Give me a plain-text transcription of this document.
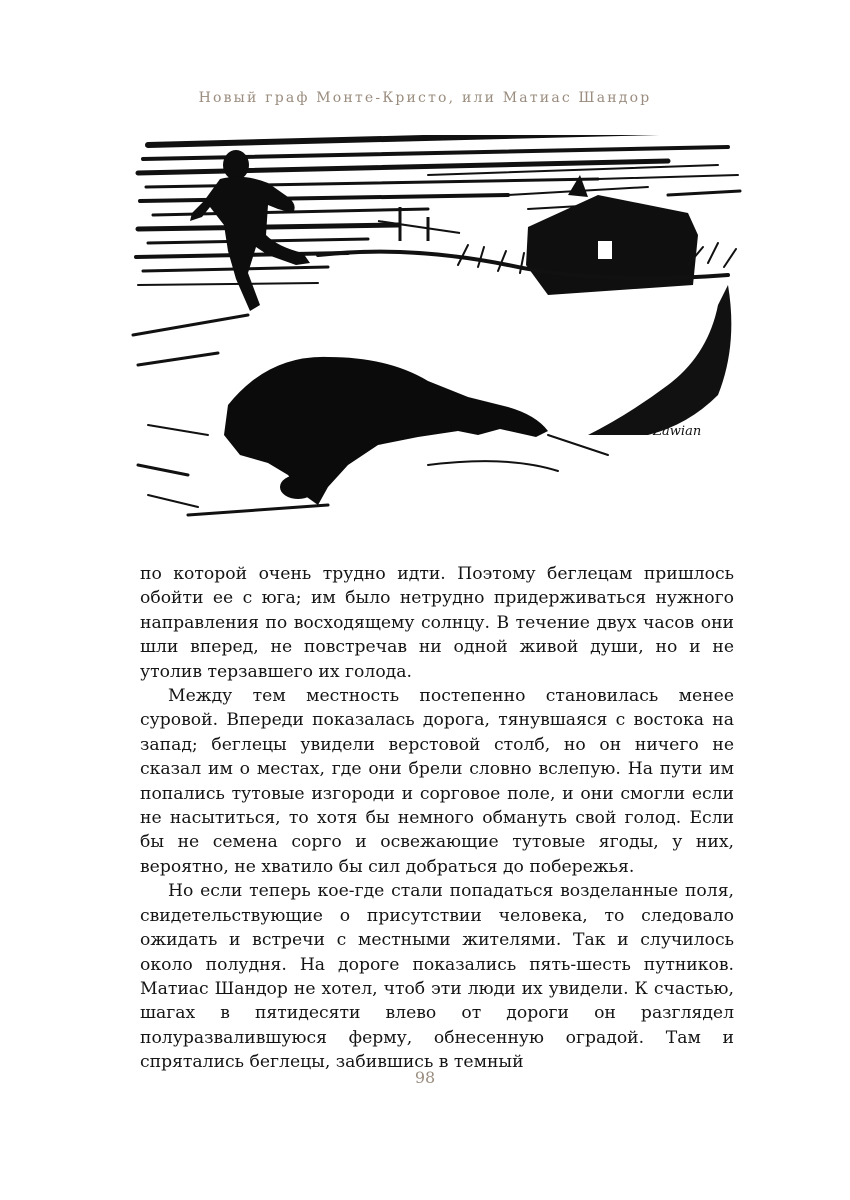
Новый граф Монте-Кристо, или Матиас Шандор
Zawian

по которой очень трудно идти. Поэтому беглецам пришлось обойти ее с юга; им было нетрудно придерживаться нужного направления по восходящему солнцу. В течение двух часов они шли вперед, не повстречав ни одной живой души, но и не утолив терзавшего их голода.

Между тем местность постепенно становилась менее суровой. Впереди показалась дорога, тянувшаяся с востока на запад; беглецы увидели верстовой столб, но он ничего не сказал им о местах, где они брели словно вслепую. На пути им попались тутовые изгороди и сорговое поле, и они смогли если не насытиться, то хотя бы немного обмануть свой голод. Если бы не семена сорго и освежающие тутовые ягоды, у них, вероятно, не хватило бы сил добраться до побережья.

Но если теперь кое-где стали попадаться возделанные поля, свидетельствующие о присутствии человека, то следовало ожидать и встречи с местными жителями. Так и случилось около полудня. На дороге показались пять-шесть путников. Матиас Шандор не хотел, чтоб эти люди их увидели. К счастью, шагах в пятидесяти влево от дороги он разглядел полуразвалившуюся ферму, обнесенную оградой. Там и спрятались беглецы, забившись в темный

98
